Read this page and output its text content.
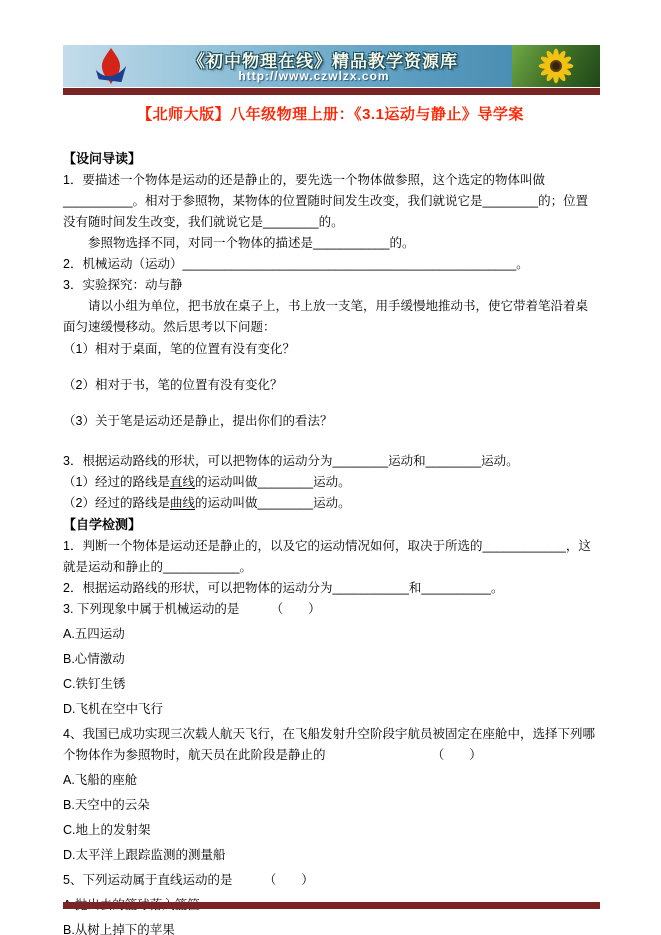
《初中物理在线》精品教学资源库
http://www.czwlzx.com
【北师大版】八年级物理上册：《3.1运动与静止》导学案
【设问导读】

1．要描述一个物体是运动的还是静止的，要先选一个物体做参照，这个选定的物体叫做__________。相对于参照物，某物体的位置随时间发生改变，我们就说它是________的；位置没有随时间发生改变，我们就说它是________的。

参照物选择不同，对同一个物体的描述是___________的。

2．机械运动（运动）________________________________________________。

3．实验探究：动与静

请以小组为单位，把书放在桌子上，书上放一支笔，用手缓慢地推动书，使它带着笔沿着桌面匀速缓慢移动。然后思考以下问题：

（1）相对于桌面，笔的位置有没有变化？

（2）相对于书，笔的位置有没有变化？

（3）关于笔是运动还是静止，提出你们的看法？

3．根据运动路线的形状，可以把物体的运动分为________运动和________运动。

（1）经过的路线是直线的运动叫做________运动。

（2）经过的路线是曲线的运动叫做________运动。

【自学检测】

1．判断一个物体是运动还是静止的，以及它的运动情况如何，取决于所选的____________，这就是运动和静止的___________。

2．根据运动路线的形状，可以把物体的运动分为___________和__________。

3. 下列现象中属于机械运动的是　　　（　　）

A.五四运动

B.心情激动

C.铁钉生锈

D.飞机在空中飞行

4、我国已成功实现三次载人航天飞行，在飞船发射升空阶段宇航员被固定在座舱中，选择下列哪个物体作为参照物时，航天员在此阶段是静止的　　　　　　　　　（　　）

A.飞船的座舱

B.天空中的云朵

C.地上的发射架

D.太平洋上跟踪监测的测量船

5、下列运动属于直线运动的是　　　（　　）

B.从树上掉下的苹果
